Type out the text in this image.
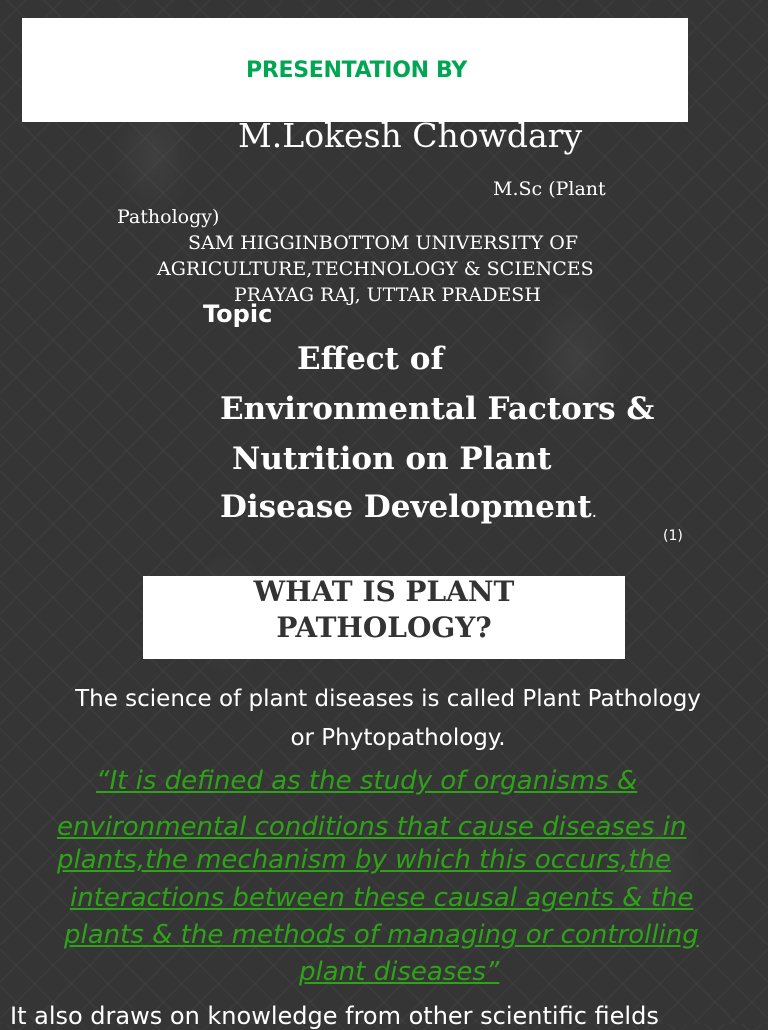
PRESENTATION BY

M.Lokesh Chowdary

M.Sc (Plant

Pathology)

SAM HIGGINBOTTOM UNIVERSITY OF

AGRICULTURE,TECHNOLOGY & SCIENCES

PRAYAG RAJ, UTTAR PRADESH

Topic

Effect of

Environmental Factors &

Nutrition on Plant

Disease Development.

(1)

WHAT IS PLANT

PATHOLOGY?

The science of plant diseases is called Plant Pathology

or Phytopathology.

“It is defined as the study of organisms &

environmental conditions that cause diseases in

plants,the mechanism by which this occurs,the

interactions between these causal agents & the

plants & the methods of managing or controlling

plant diseases”

It also draws on knowledge from other scientific fields
